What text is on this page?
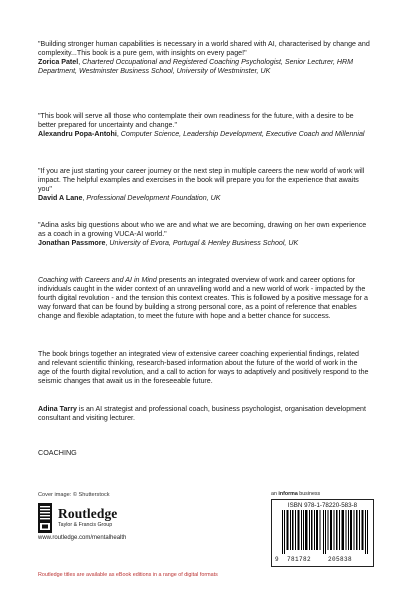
"Building stronger human capabilities is necessary in a world shared with AI, characterised by change and complexity...This book is a pure gem, with insights on every page!"
Zorica Patel, Chartered Occupational and Registered Coaching Psychologist, Senior Lecturer, HRM Department, Westminster Business School, University of Westminster, UK

"This book will serve all those who contemplate their own readiness for the future, with a desire to be better prepared for uncertainty and change."
Alexandru Popa-Antohi, Computer Science, Leadership Development, Executive Coach and Millennial

"If you are just starting your career journey or the next step in multiple careers the new world of work will impact. The helpful examples and exercises in the book will prepare you for the experience that awaits you"
David A Lane, Professional Development Foundation, UK

"Adina asks big questions about who we are and what we are becoming, drawing on her own experience as a coach in a growing VUCA-AI world."
Jonathan Passmore, University of Evora, Portugal & Henley Business School, UK

Coaching with Careers and AI in Mind presents an integrated overview of work and career options for individuals caught in the wider context of an unravelling world and a new world of work - impacted by the fourth digital revolution - and the tension this context creates. This is followed by a positive message for a way forward that can be found by building a strong personal core, as a point of reference that enables change and flexible adaptation, to meet the future with hope and a better chance for success.

The book brings together an integrated view of extensive career coaching experiential findings, related and relevant scientific thinking, research-based information about the future of the world of work in the age of the fourth digital revolution, and a call to action for ways to adaptively and positively respond to the seismic changes that await us in the foreseeable future.

Adina Tarry is an AI strategist and professional coach, business psychologist, organisation development consultant and visiting lecturer.

COACHING
Cover image: © Shutterstock
Routledge
Taylor & Francis Group
www.routledge.com/mentalhealth
an informa business
ISBN 978-1-78220-583-8
9 781782	205838
Routledge titles are available as eBook editions in a range of digital formats
